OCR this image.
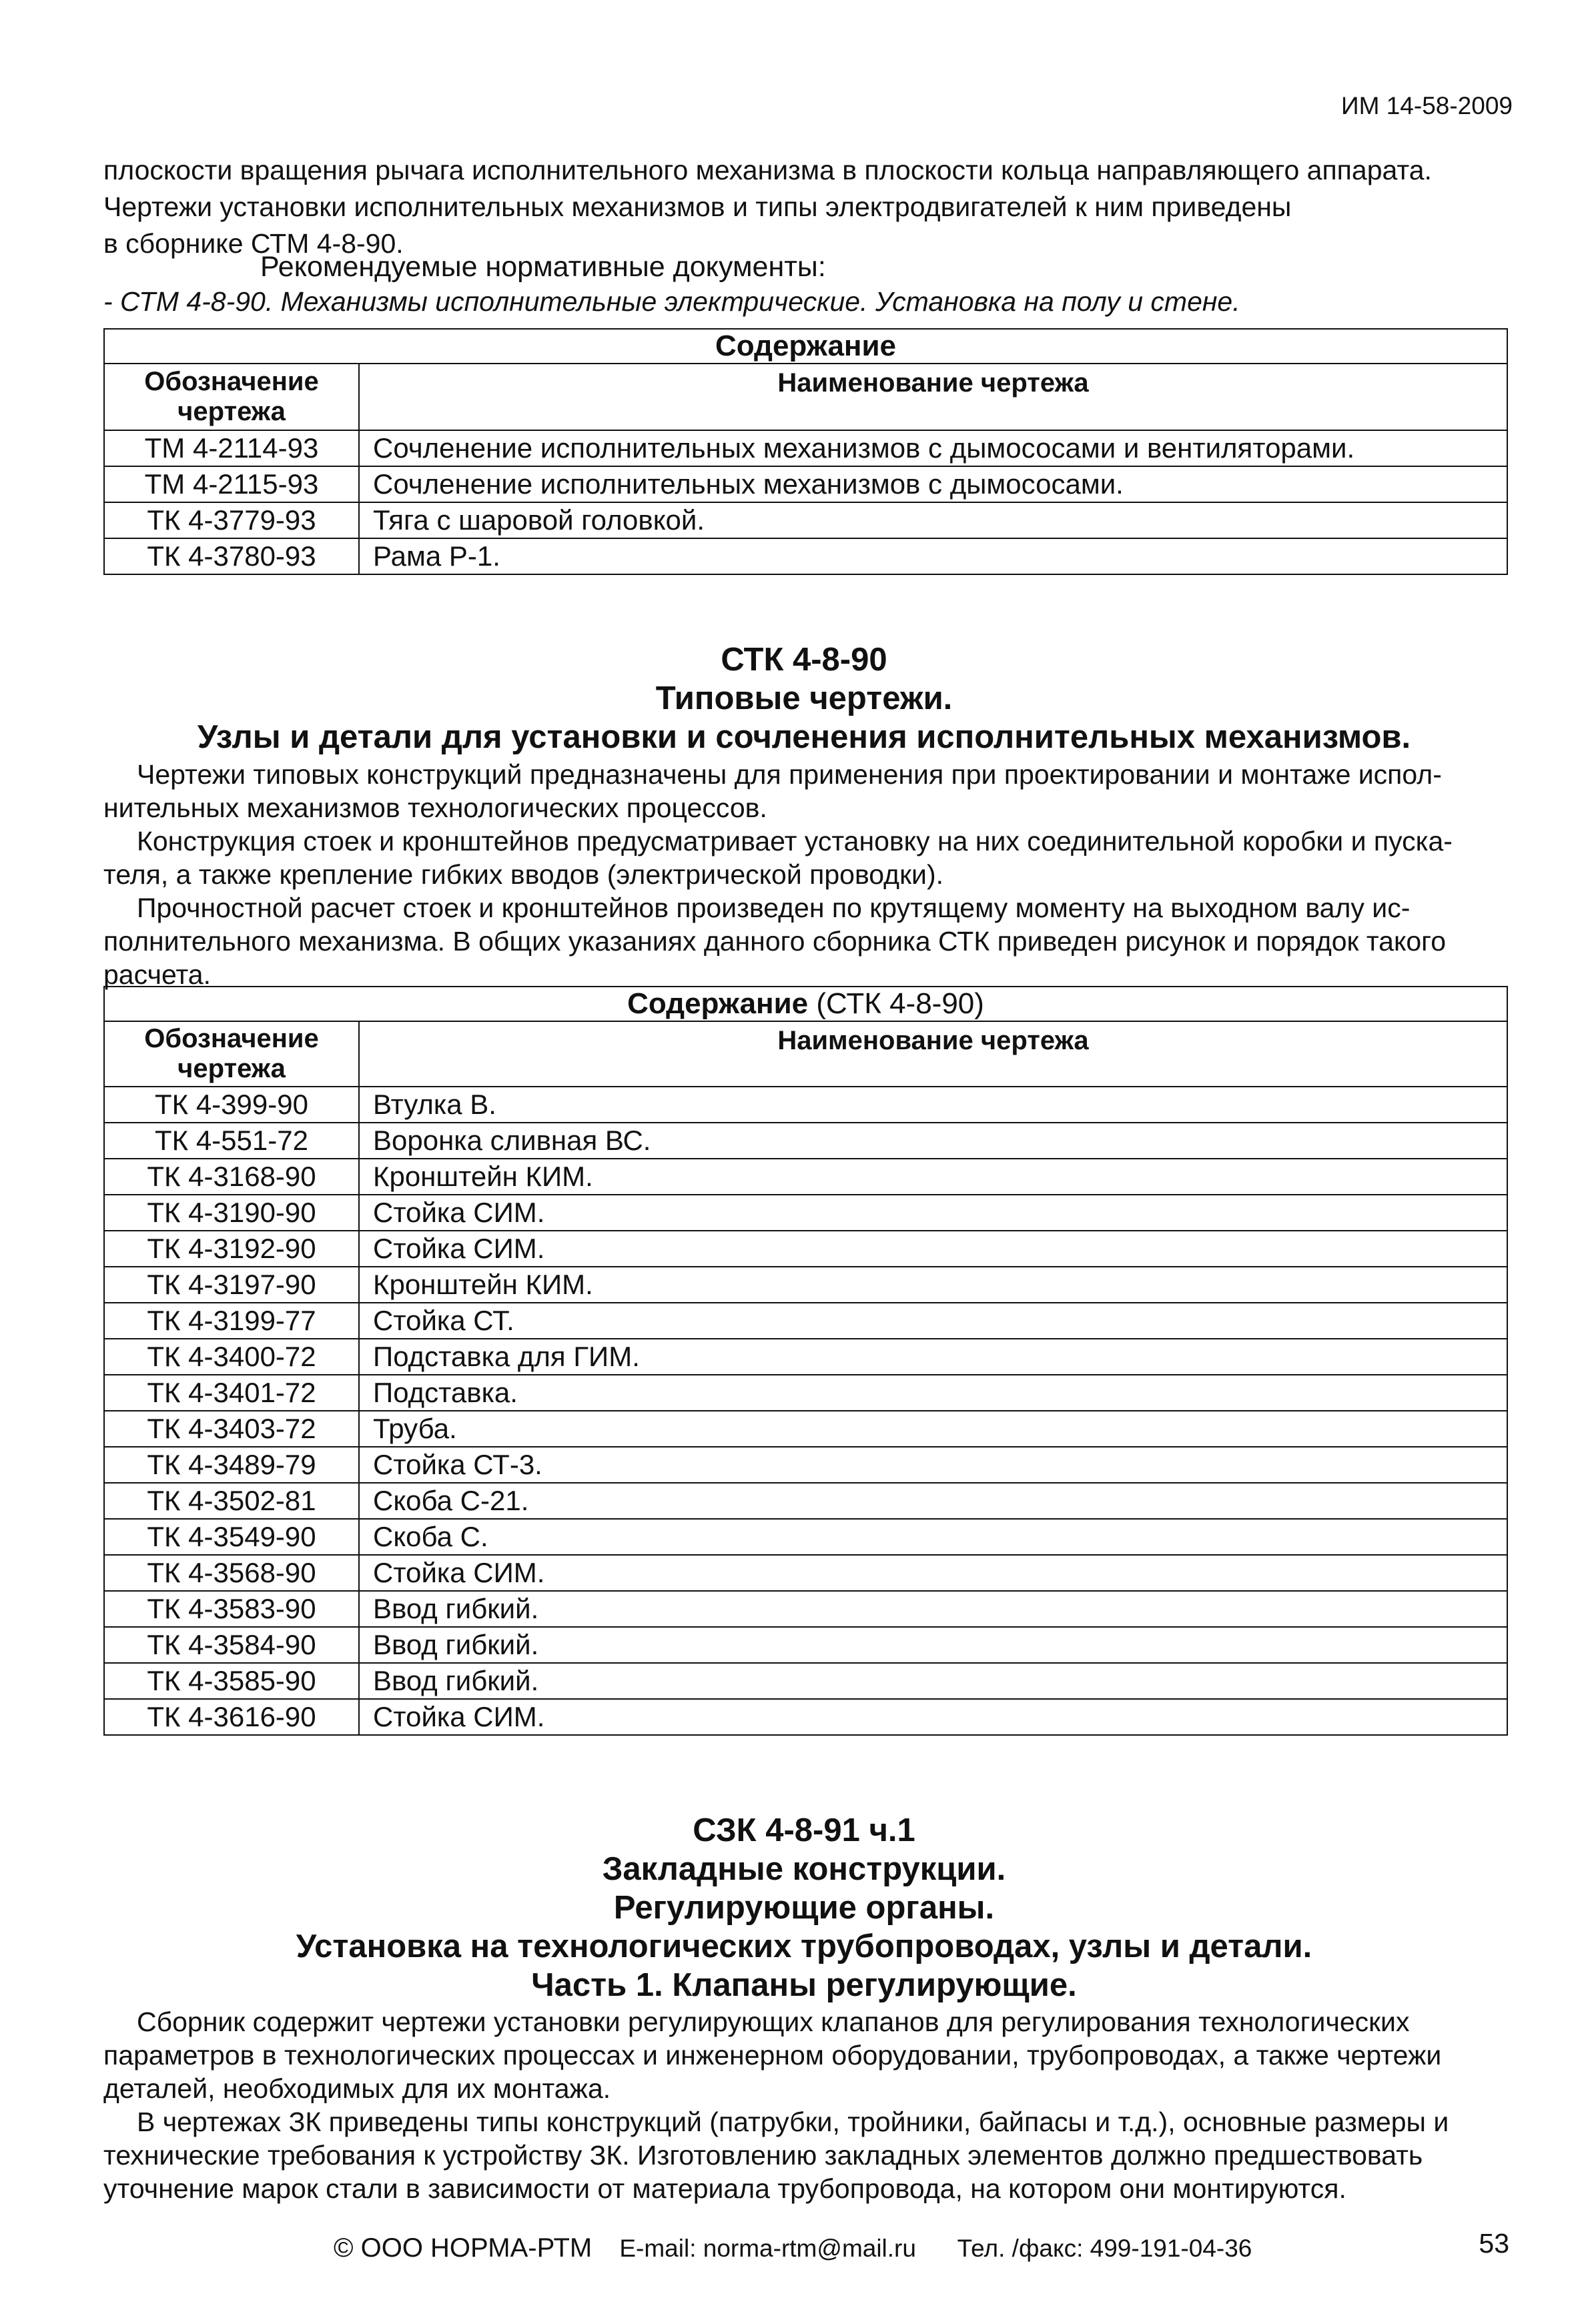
ИМ 14-58-2009
плоскости вращения рычага исполнительного механизма в плоскости кольца направляющего аппарата.
Чертежи установки исполнительных механизмов и типы электродвигателей к ним приведены
в сборнике СТМ 4-8-90.
Рекомендуемые нормативные документы:
- СТМ 4-8-90. Механизмы исполнительные электрические. Установка на полу и стене.
Содержание	
Обозначение чертежа	Наименование чертежа
ТМ 4-2114-93	Сочленение исполнительных механизмов с дымососами и вентиляторами.
ТМ 4-2115-93	Сочленение исполнительных механизмов с дымососами.
ТК 4-3779-93	Тяга с шаровой головкой.
ТК 4-3780-93	Рама Р-1.
СТК 4-8-90
Типовые чертежи.
Узлы и детали для установки и сочленения исполнительных механизмов.
Чертежи типовых конструкций предназначены для применения при проектировании и монтаже испол-нительных механизмов технологических процессов.
Конструкция стоек и кронштейнов предусматривает установку на них соединительной коробки и пуска-теля, а также крепление гибких вводов (электрической проводки).
Прочностной расчет стоек и кронштейнов произведен по крутящему моменту на выходном валу ис-полнительного механизма. В общих указаниях данного сборника СТК приведен рисунок и порядок такого расчета.
Содержание (СТК 4-8-90)	
Обозначение чертежа	Наименование чертежа
ТК 4-399-90	Втулка В.
ТК 4-551-72	Воронка сливная ВС.
ТК 4-3168-90	Кронштейн КИМ.
ТК 4-3190-90	Стойка СИМ.
ТК 4-3192-90	Стойка СИМ.
ТК 4-3197-90	Кронштейн КИМ.
ТК 4-3199-77	Стойка СТ.
ТК 4-3400-72	Подставка для ГИМ.
ТК 4-3401-72	Подставка.
ТК 4-3403-72	Труба.
ТК 4-3489-79	Стойка СТ-3.
ТК 4-3502-81	Скоба С-21.
ТК 4-3549-90	Скоба С.
ТК 4-3568-90	Стойка СИМ.
ТК 4-3583-90	Ввод гибкий.
ТК 4-3584-90	Ввод гибкий.
ТК 4-3585-90	Ввод гибкий.
ТК 4-3616-90	Стойка СИМ.
СЗК 4-8-91 ч.1
Закладные конструкции.
Регулирующие органы.
Установка на технологических трубопроводах, узлы и детали.
Часть 1. Клапаны регулирующие.
Сборник содержит чертежи установки регулирующих клапанов для регулирования технологических параметров в технологических процессах и инженерном оборудовании, трубопроводах, а также чертежи деталей, необходимых для их монтажа.
В чертежах ЗК приведены типы конструкций (патрубки, тройники, байпасы и т.д.), основные размеры и технические требования к устройству ЗК. Изготовлению закладных элементов должно предшествовать уточнение марок стали в зависимости от материала трубопровода, на котором они монтируются.
© ООО НОРМА-РТМ E-mail: norma-rtm@mail.ru Тел. /факс: 499-191-04-36	53
